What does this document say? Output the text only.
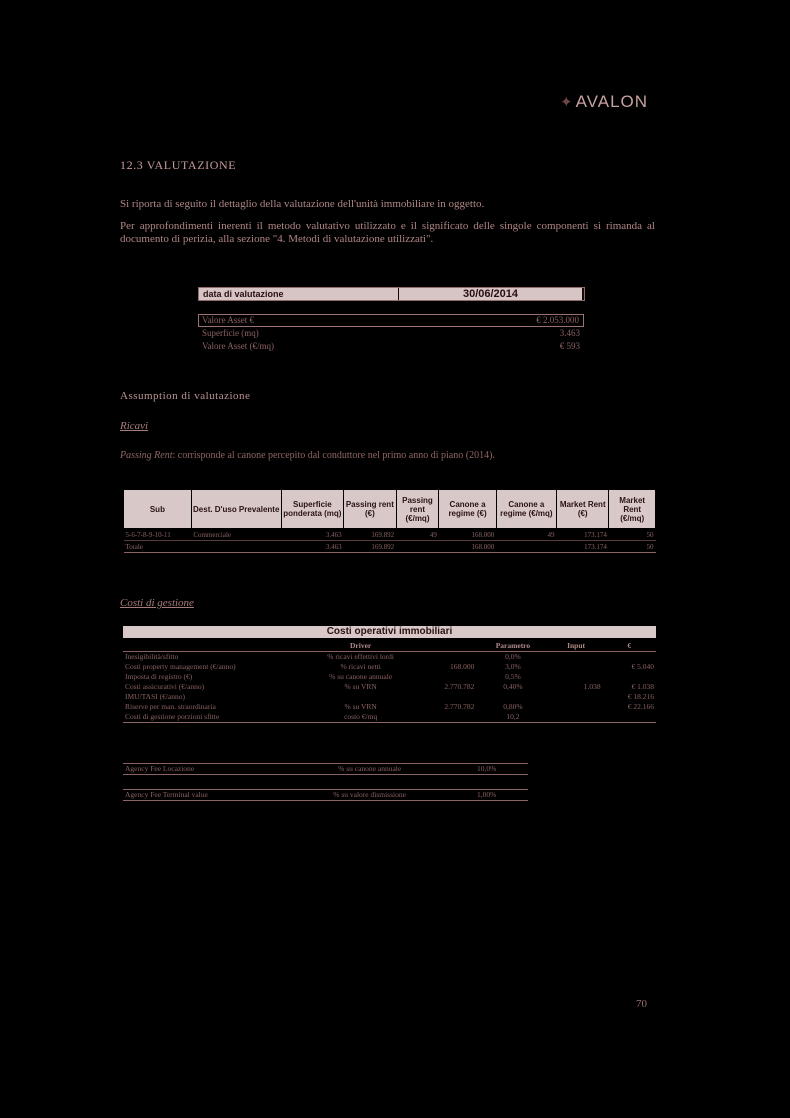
✦ AVALON
12.3 VALUTAZIONE
Si riporta di seguito il dettaglio della valutazione dell'unità immobiliare in oggetto.
Per approfondimenti inerenti il metodo valutativo utilizzato e il significato delle singole componenti si rimanda al documento di perizia, alla sezione "4. Metodi di valutazione utilizzati".
data di valutazione	30/06/2014
Valore Asset €	€ 2.053.000
Superficie (mq)	3.463
Valore Asset (€/mq)	€ 593
Assumption di valutazione
Ricavi
Passing Rent: corrisponde al canone percepito dal conduttore nel primo anno di piano (2014).
Sub	Dest. D'uso Prevalente	Superficie ponderata (mq)	Passing rent (€)	Passing rent (€/mq)	Canone a regime (€)	Canone a regime (€/mq)	Market Rent (€)	Market Rent (€/mq)
5-6-7-8-9-10-11	Commerciale	3.463	169.892	49	168.000	49	173.174	50
Totale		3.463	169.892		168.000		173.174	50
Costi di gestione
Costi operativi immobiliari
	Driver		Parametro	Input	€
Inesigibilità/sfitto	% ricavi effettivi lordi		0,0%		
Costi property management (€/anno)	% ricavi netti	168.000	3,0%		€ 5.040
Imposta di registro (€)	% su canone annuale		0,5%		
Costi assicurativi (€/anno)	% su VRN	2.770.782	0,40%	1.038	€ 1.038
IMU/TASI (€/anno)					€ 18.216
Riserve per man. straordinaria	% su VRN	2.770.782	0,80%		€ 22.166
Costi di gestione porzioni sfitte	costo €/mq		10,2		
Agency Fee Locazione	% su canone annuale	10,0%
Agency Fee Terminal value	% su valore dismissione	1,00%
70
